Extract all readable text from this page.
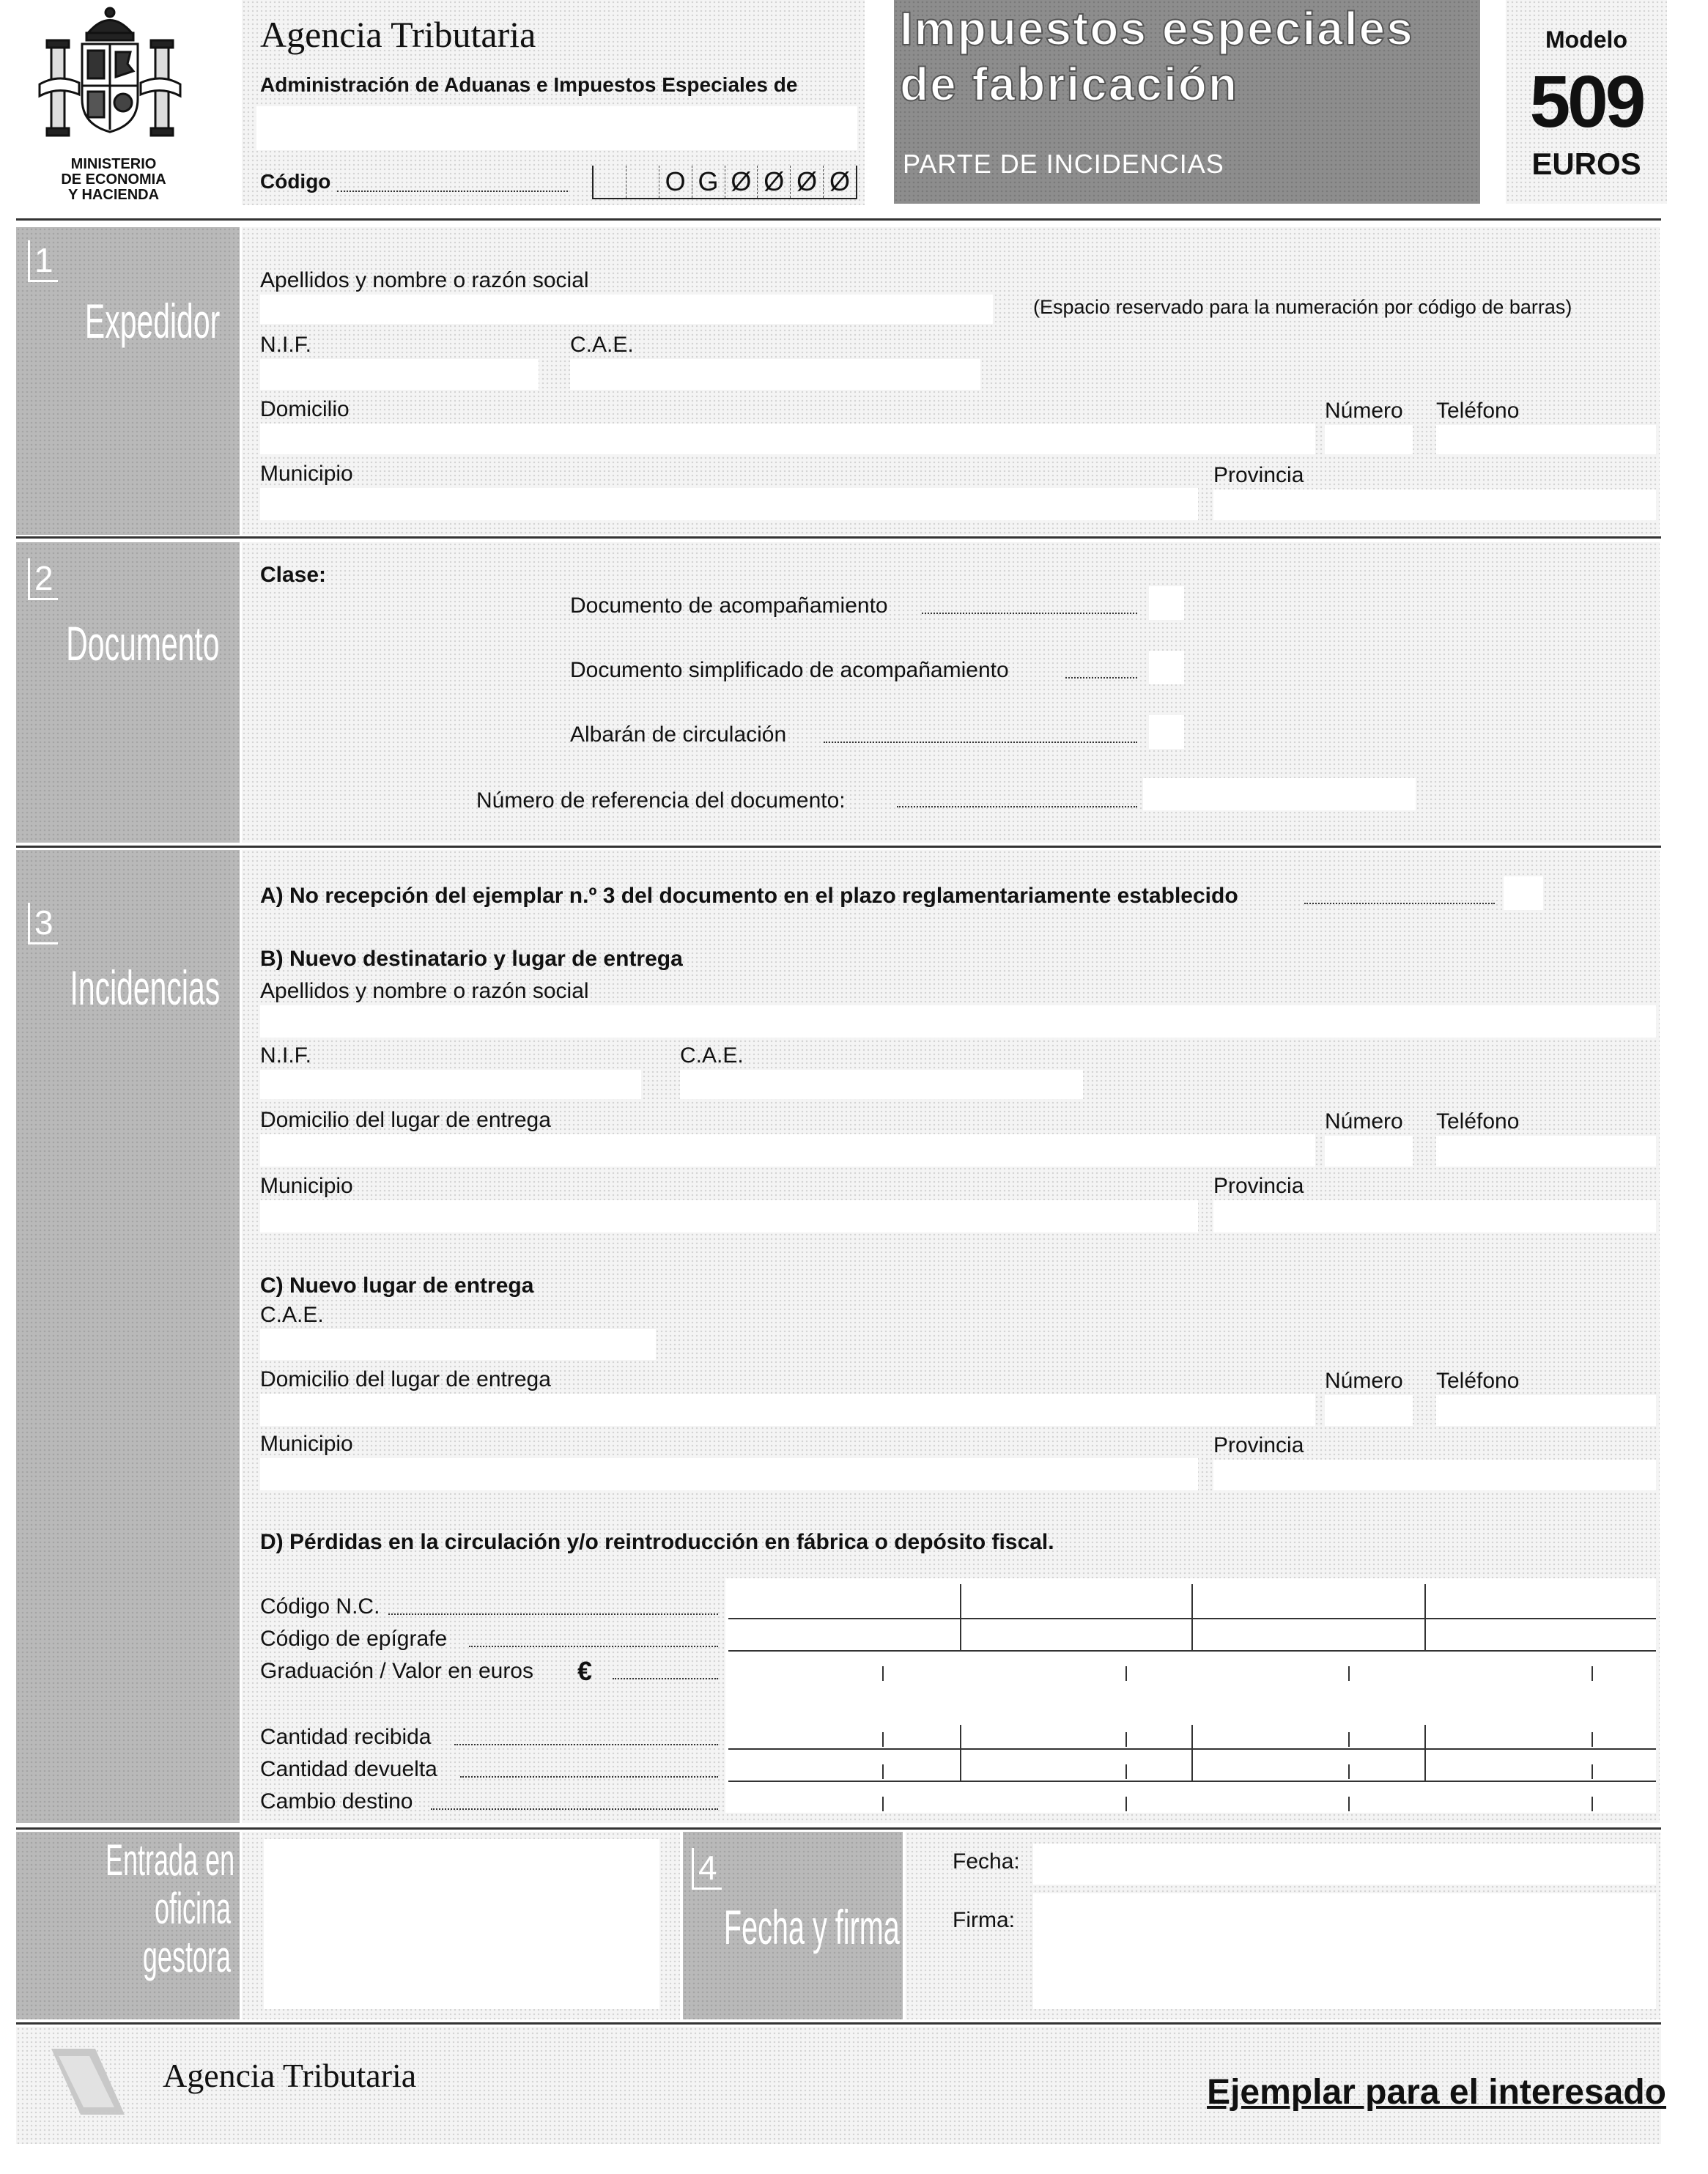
MINISTERIO
DE ECONOMIA
Y HACIENDA
Agencia Tributaria
Administración de Aduanas e Impuestos Especiales de
Código	O G Ø Ø Ø Ø
Impuestos especiales
de fabricación
PARTE DE INCIDENCIAS
Modelo
509
EUROS
1
Expedidor
Apellidos y nombre o razón social
(Espacio reservado para la numeración por código de barras)
N.I.F.	C.A.E.
Domicilio	Número Teléfono
Municipio	Provincia
2
Documento
Clase:
Documento de acompañamiento
Documento simplificado de acompañamiento
Albarán de circulación
Número de referencia del documento:
3
Incidencias
A) No recepción del ejemplar n.º 3 del documento en el plazo reglamentariamente establecido
B) Nuevo destinatario y lugar de entrega
Apellidos y nombre o razón social
N.I.F.	C.A.E.
Domicilio del lugar de entrega	Número Teléfono
Municipio	Provincia
C) Nuevo lugar de entrega
C.A.E.
Domicilio del lugar de entrega	Número Teléfono
Municipio	Provincia
D) Pérdidas en la circulación y/o reintroducción en fábrica o depósito fiscal.
Código N.C.
Código de epígrafe
Graduación / Valor en euros €
Cantidad recibida
Cantidad devuelta
Cambio destino
Entrada en
oficina
gestora
4
Fecha y firma
Fecha:
Firma:
Agencia Tributaria	Ejemplar para el interesado
